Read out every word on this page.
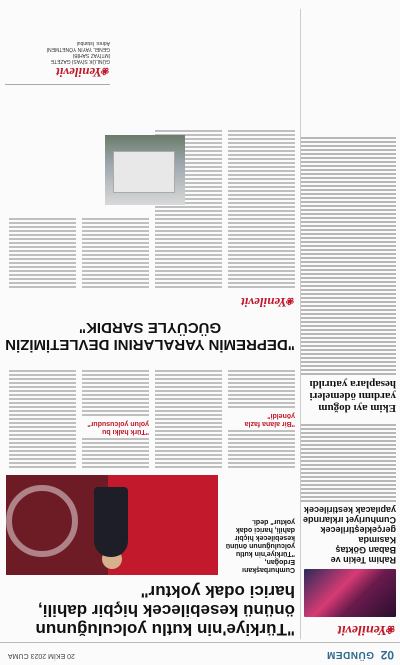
02
GÜNDEM
20 EKİM 2023 CUMA
❀ Yenilevit
Rahim Tekin ve Baban Göktaş Kasımda gerçekleştirilecek Cumhuriyet ırklarınde yapılacak kestirilecek
Ekim ayı doğum yardımı ödemeleri hesaplara yatırıldı
"Türkiye'nin kutlu yolculuğunun önünü kesebilecek hiçbir dahili, harici odak yoktur"
Cumhurbaşkanı Erdoğan, "Türkiye'nin kutlu yolculuğunun önünü kesebilecek hiçbir dahili, harici odak yoktur" dedi.
"Bir alana fazla yöneldi"
"Türk halkı bu yolun yolcusudur"
"DEPREMİN YARALARINI DEVLETİMİZİN GÜCÜYLE SARDIK"
❀ Yenilevit
❀ Yenilevit
GÜNLÜK SİYASİ GAZETE
İMTİYAZ SAHİBİ
GENEL YAYIN YÖNETMENİ
Adres: İstanbul
